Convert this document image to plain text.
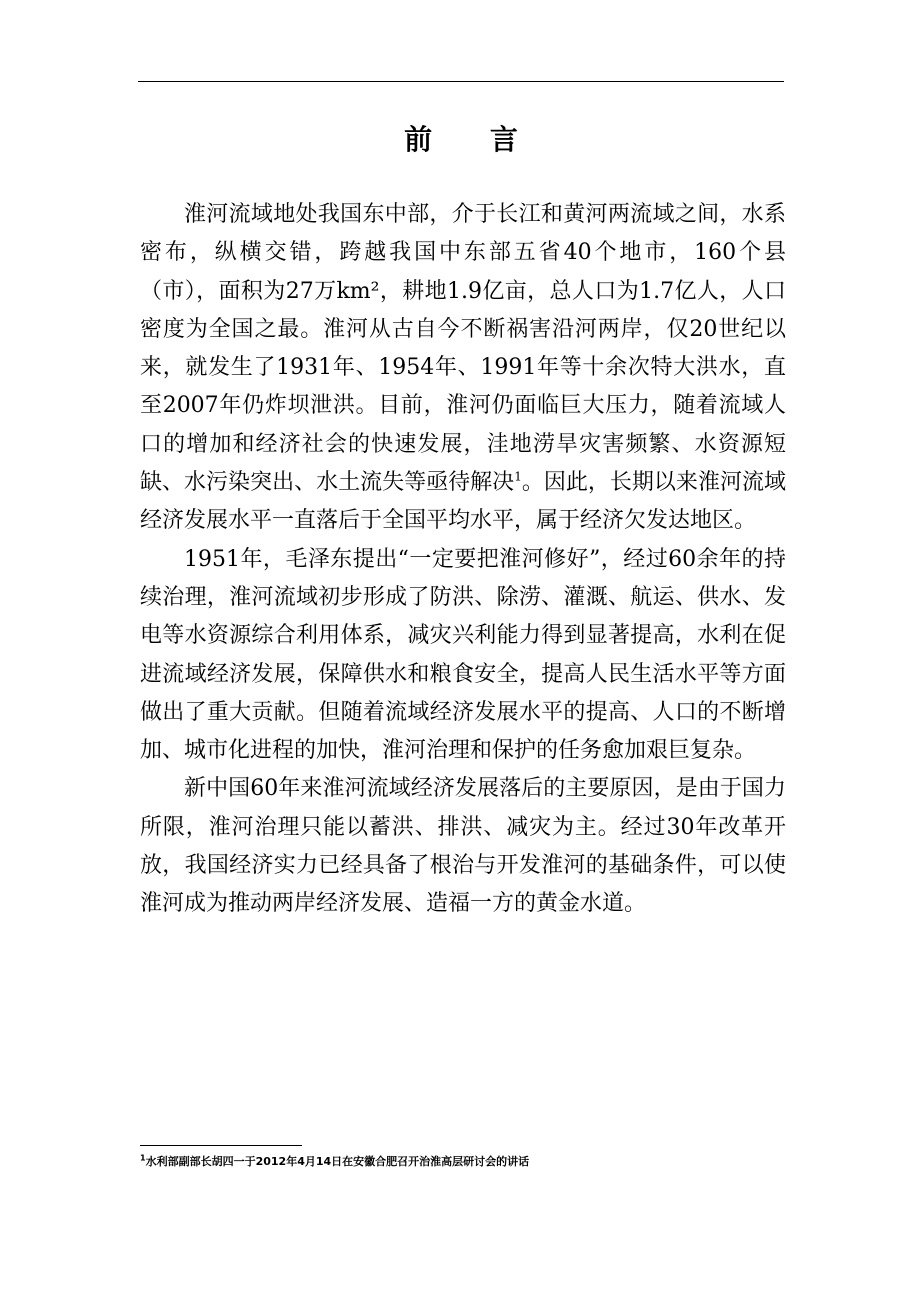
前 言

淮河流域地处我国东中部，介于长江和黄河两流域之间，水系密布，纵横交错，跨越我国中东部五省40个地市，160个县（市），面积为27万km²，耕地1.9亿亩，总人口为1.7亿人，人口密度为全国之最。淮河从古自今不断祸害沿河两岸，仅20世纪以来，就发生了1931年、1954年、1991年等十余次特大洪水，直至2007年仍炸坝泄洪。目前，淮河仍面临巨大压力，随着流域人口的增加和经济社会的快速发展，洼地涝旱灾害频繁、水资源短缺、水污染突出、水土流失等亟待解决$^1$。因此，长期以来淮河流域经济发展水平一直落后于全国平均水平，属于经济欠发达地区。

1951年，毛泽东提出“一定要把淮河修好”，经过60余年的持续治理，淮河流域初步形成了防洪、除涝、灌溉、航运、供水、发电等水资源综合利用体系，减灾兴利能力得到显著提高，水利在促进流域经济发展，保障供水和粮食安全，提高人民生活水平等方面做出了重大贡献。但随着流域经济发展水平的提高、人口的不断增加、城市化进程的加快，淮河治理和保护的任务愈加艰巨复杂。

新中国60年来淮河流域经济发展落后的主要原因，是由于国力所限，淮河治理只能以蓄洪、排洪、减灾为主。经过30年改革开放，我国经济实力已经具备了根治与开发淮河的基础条件，可以使淮河成为推动两岸经济发展、造福一方的黄金水道。

$^1$水利部副部长胡四一于2012年4月14日在安徽合肥召开治淮高层研讨会的讲话
